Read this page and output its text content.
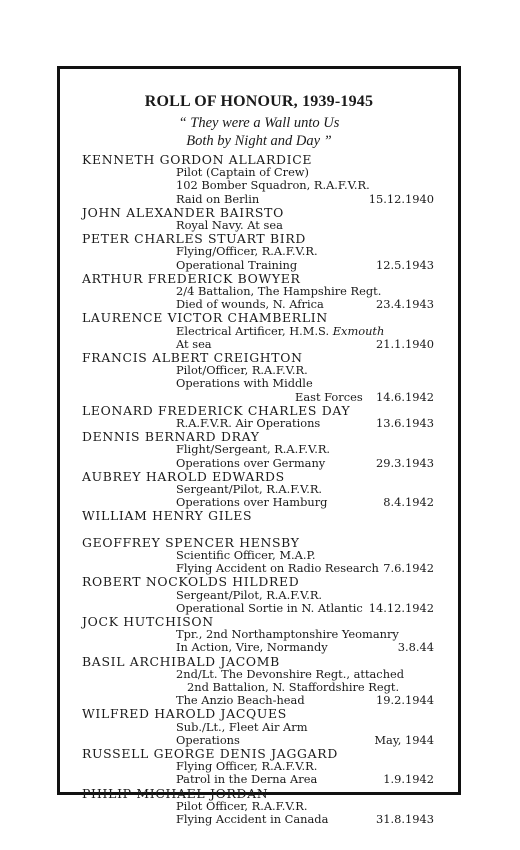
ROLL OF HONOUR, 1939-1945
“ They were a Wall unto Us
Both by Night and Day ”
KENNETH GORDON ALLARDICE
Pilot (Captain of Crew)
102 Bomber Squadron, R.A.F.V.R.
Raid on Berlin	15.12.1940
JOHN ALEXANDER BAIRSTO
Royal Navy. At sea
PETER CHARLES STUART BIRD
Flying/Officer, R.A.F.V.R.
Operational Training	12.5.1943
ARTHUR FREDERICK BOWYER
2/4 Battalion, The Hampshire Regt.
Died of wounds, N. Africa	23.4.1943
LAURENCE VICTOR CHAMBERLIN
Electrical Artificer, H.M.S. Exmouth
At sea	21.1.1940
FRANCIS ALBERT CREIGHTON
Pilot/Officer, R.A.F.V.R.
Operations with Middle
East Forces 14.6.1942
LEONARD FREDERICK CHARLES DAY
R.A.F.V.R. Air Operations	13.6.1943
DENNIS BERNARD DRAY
Flight/Sergeant, R.A.F.V.R.
Operations over Germany	29.3.1943
AUBREY HAROLD EDWARDS
Sergeant/Pilot, R.A.F.V.R.
Operations over Hamburg	8.4.1942
WILLIAM HENRY GILES
GEOFFREY SPENCER HENSBY
Scientific Officer, M.A.P.
Flying Accident on Radio Research 7.6.1942
ROBERT NOCKOLDS HILDRED
Sergeant/Pilot, R.A.F.V.R.
Operational Sortie in N. Atlantic 14.12.1942
JOCK HUTCHISON
Tpr., 2nd Northamptonshire Yeomanry
In Action, Vire, Normandy	3.8.44
BASIL ARCHIBALD JACOMB
2nd/Lt. The Devonshire Regt., attached
2nd Battalion, N. Staffordshire Regt.
The Anzio Beach-head	19.2.1944
WILFRED HAROLD JACQUES
Sub./Lt., Fleet Air Arm
Operations	May, 1944
RUSSELL GEORGE DENIS JAGGARD
Flying Officer, R.A.F.V.R.
Patrol in the Derna Area	1.9.1942
PHILIP MICHAEL JORDAN
Pilot Officer, R.A.F.V.R.
Flying Accident in Canada	31.8.1943
